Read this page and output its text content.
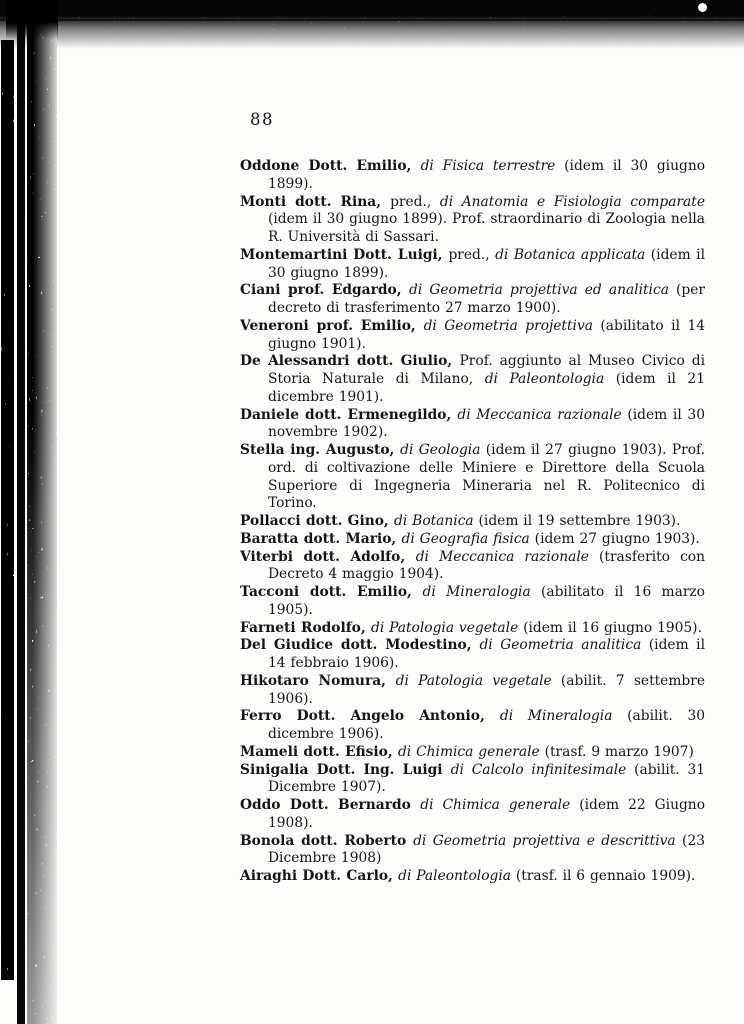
88

Oddone Dott. Emilio, di Fisica terrestre (idem il 30 giugno 1899).

Monti dott. Rina, pred., di Anatomia e Fisiologia comparate (idem il 30 giugno 1899). Prof. straordinario di Zoologia nella R. Università di Sassari.

Montemartini Dott. Luigi, pred., di Botanica applicata (idem il 30 giugno 1899).

Ciani prof. Edgardo, di Geometria projettiva ed analitica (per decreto di trasferimento 27 marzo 1900).

Veneroni prof. Emilio, di Geometria projettiva (abilitato il 14 giugno 1901).

De Alessandri dott. Giulio, Prof. aggiunto al Museo Civico di Storia Naturale di Milano, di Paleontologia (idem il 21 dicembre 1901).

Daniele dott. Ermenegildo, di Meccanica razionale (idem il 30 novembre 1902).

Stella ing. Augusto, di Geologia (idem il 27 giugno 1903). Prof. ord. di coltivazione delle Miniere e Direttore della Scuola Superiore di Ingegneria Mineraria nel R. Politecnico di Torino.

Pollacci dott. Gino, di Botanica (idem il 19 settembre 1903).

Baratta dott. Mario, di Geografia fisica (idem 27 giugno 1903).

Viterbi dott. Adolfo, di Meccanica razionale (trasferito con Decreto 4 maggio 1904).

Tacconi dott. Emilio, di Mineralogia (abilitato il 16 marzo 1905).

Farneti Rodolfo, di Patologia vegetale (idem il 16 giugno 1905).

Del Giudice dott. Modestino, di Geometria analitica (idem il 14 febbraio 1906).

Hikotaro Nomura, di Patologia vegetale (abilit. 7 settembre 1906).

Ferro Dott. Angelo Antonio, di Mineralogia (abilit. 30 dicembre 1906).

Mameli dott. Efisio, di Chimica generale (trasf. 9 marzo 1907)

Sinigalia Dott. Ing. Luigi di Calcolo infinitesimale (abilit. 31 Dicembre 1907).

Oddo Dott. Bernardo di Chimica generale (idem 22 Giugno 1908).

Bonola dott. Roberto di Geometria projettiva e descrittiva (23 Dicembre 1908)

Airaghi Dott. Carlo, di Paleontologia (trasf. il 6 gennaio 1909).
